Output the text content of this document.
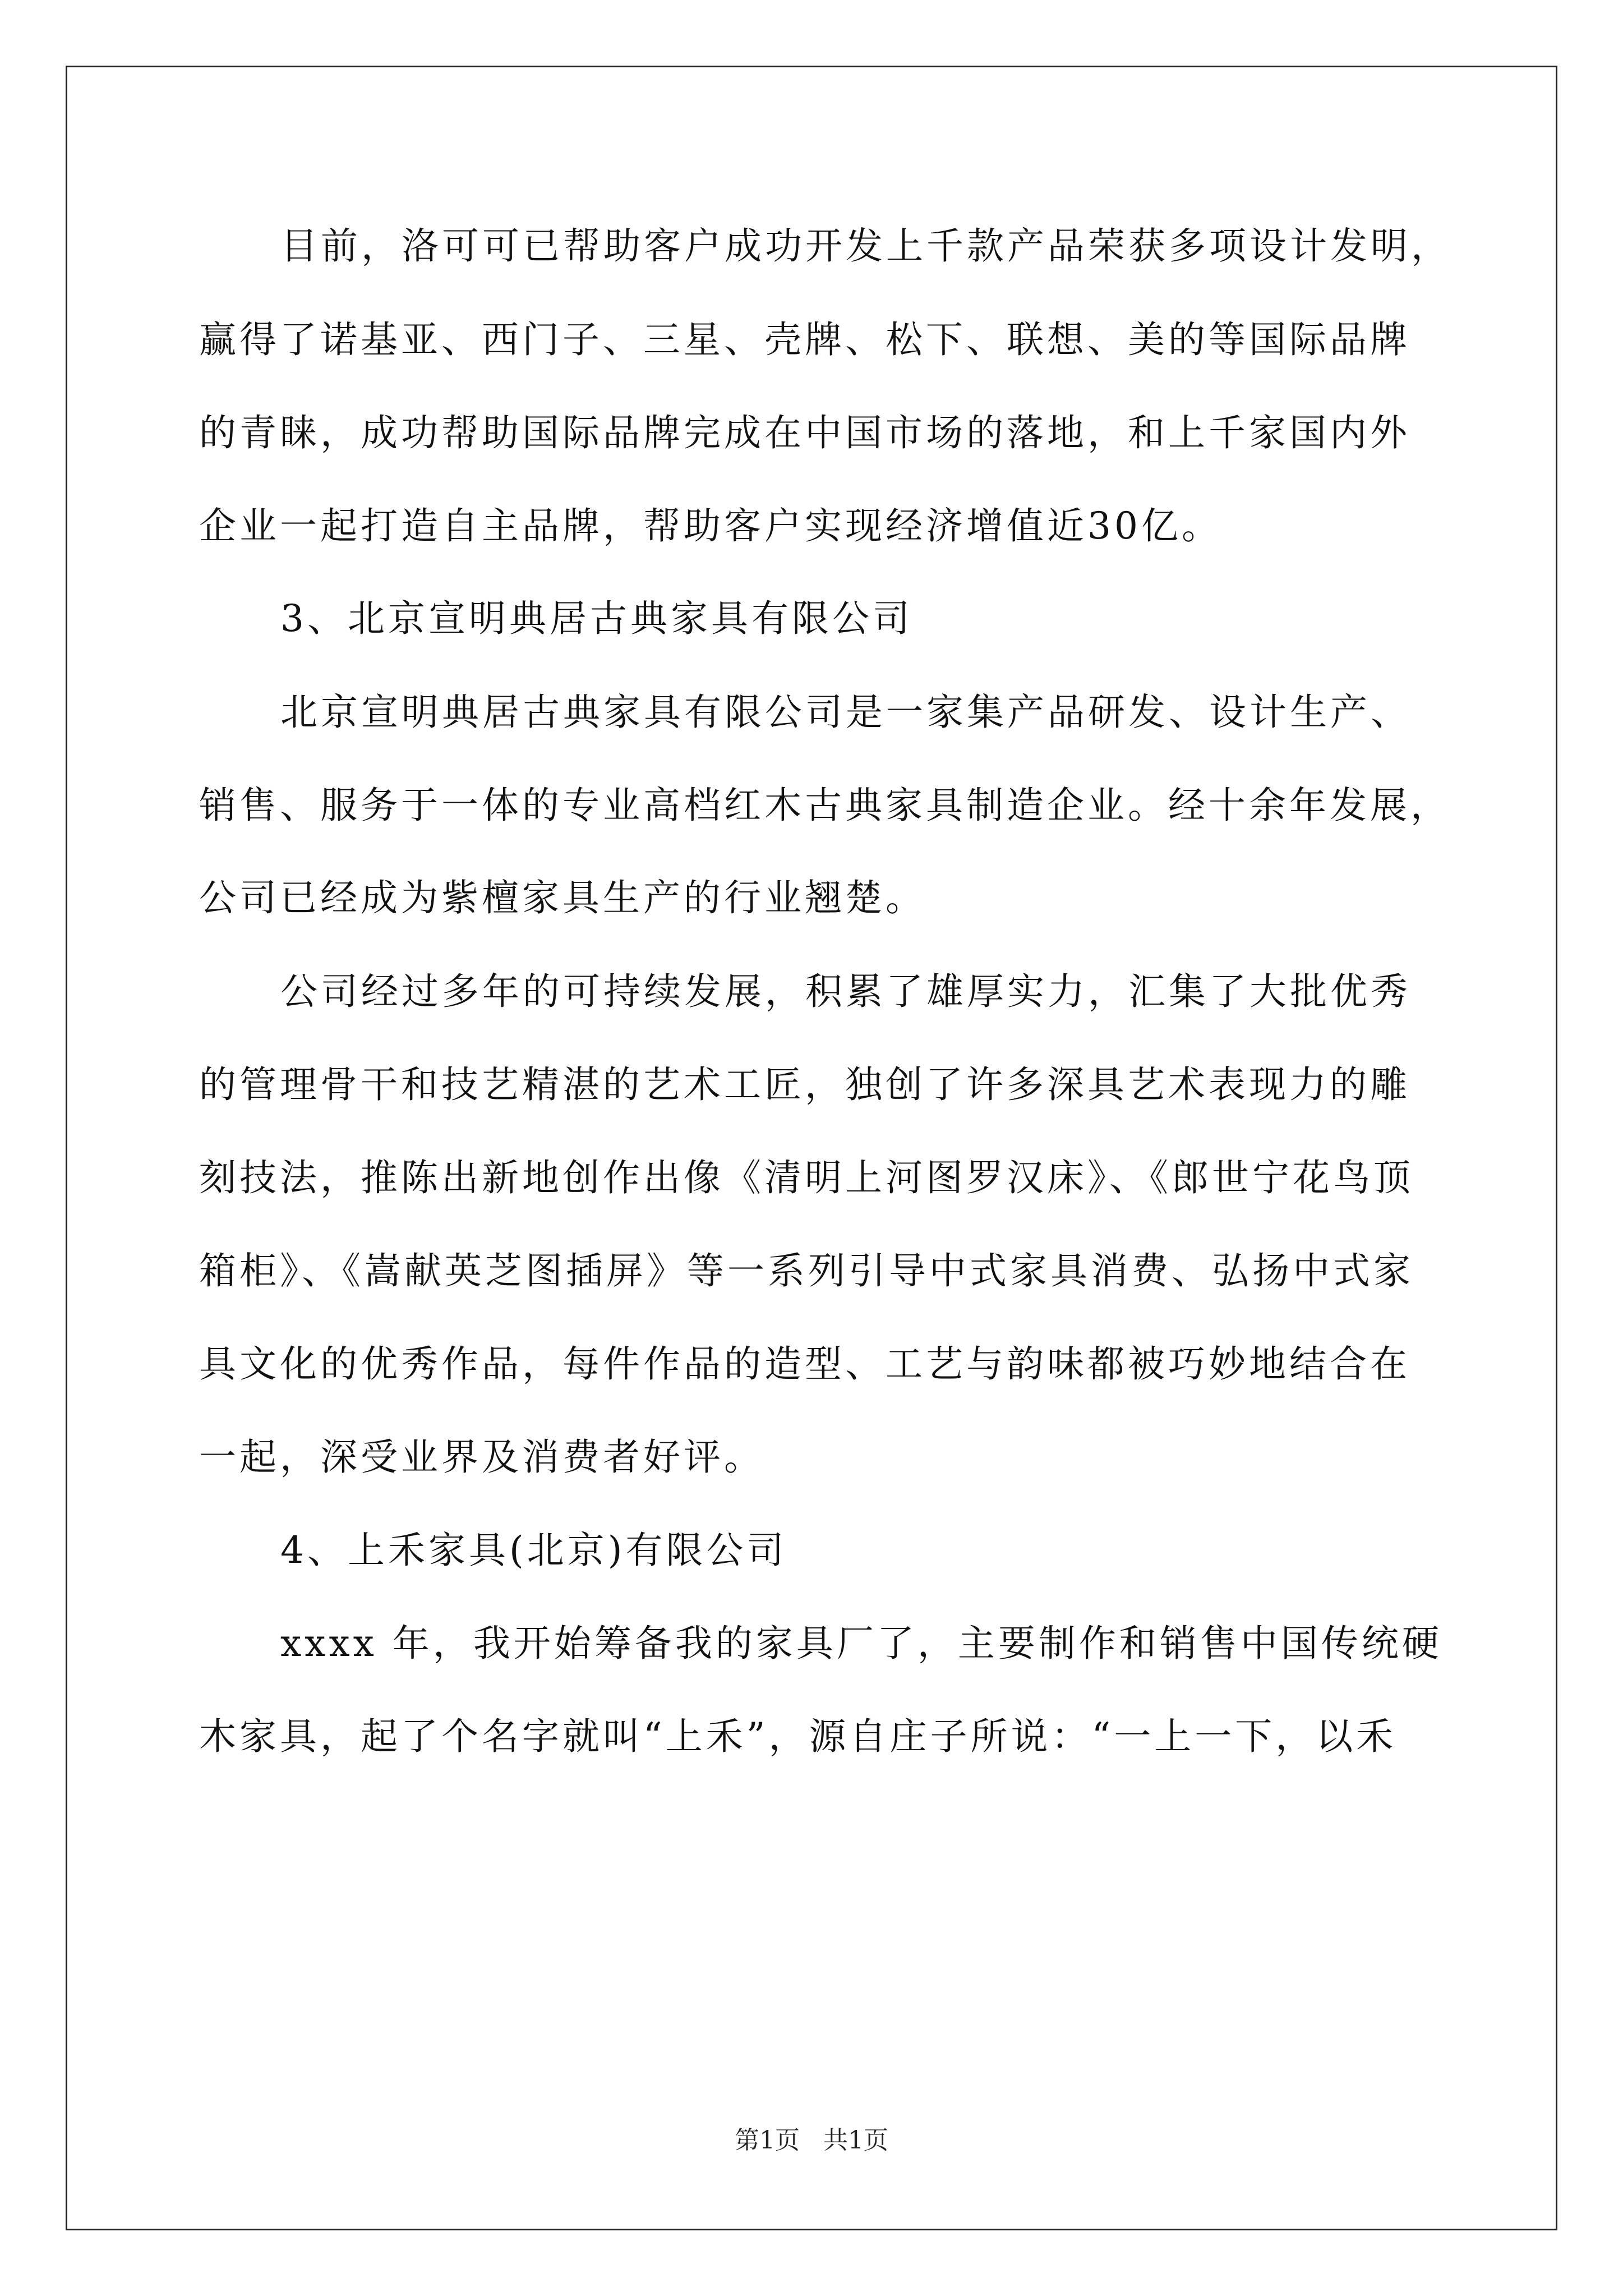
目前，洛可可已帮助客户成功开发上千款产品荣获多项设计发明，
赢得了诺基亚、西门子、三星、壳牌、松下、联想、美的等国际品牌
的青睐，成功帮助国际品牌完成在中国市场的落地，和上千家国内外
企业一起打造自主品牌，帮助客户实现经济增值近30亿。
3、北京宣明典居古典家具有限公司
北京宣明典居古典家具有限公司是一家集产品研发、设计生产、
销售、服务于一体的专业高档红木古典家具制造企业。经十余年发展，
公司已经成为紫檀家具生产的行业翘楚。
公司经过多年的可持续发展，积累了雄厚实力，汇集了大批优秀
的管理骨干和技艺精湛的艺术工匠，独创了许多深具艺术表现力的雕
刻技法，推陈出新地创作出像《清明上河图罗汉床》、《郎世宁花鸟顶
箱柜》、《嵩献英芝图插屏》等一系列引导中式家具消费、弘扬中式家
具文化的优秀作品，每件作品的造型、工艺与韵味都被巧妙地结合在
一起，深受业界及消费者好评。
4、上禾家具(北京)有限公司
xxxx 年，我开始筹备我的家具厂了，主要制作和销售中国传统硬
木家具，起了个名字就叫“上禾”，源自庄子所说：“一上一下，以禾
第1页   共1页
